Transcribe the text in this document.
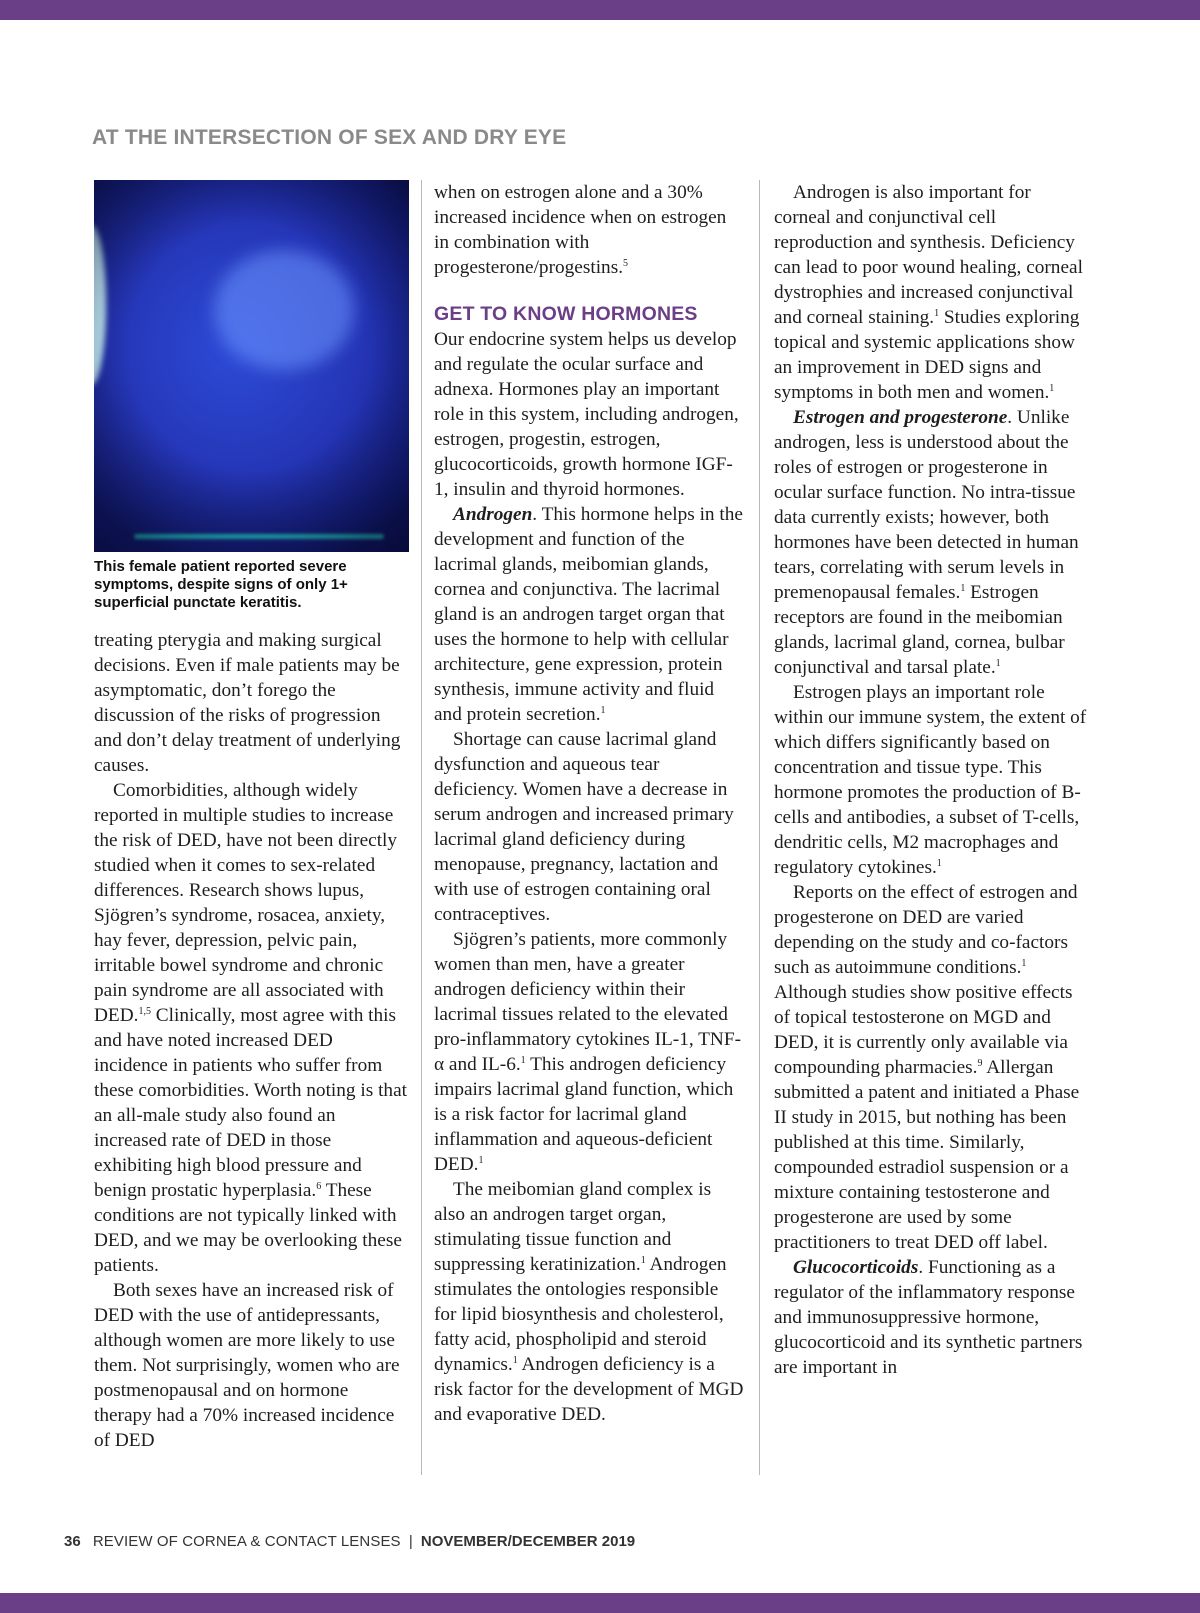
AT THE INTERSECTION OF SEX AND DRY EYE
This female patient reported severe symptoms, despite signs of only 1+ superficial punctate keratitis.

treating pterygia and making surgical decisions. Even if male patients may be asymptomatic, don’t forego the discussion of the risks of progression and don’t delay treatment of underlying causes.

Comorbidities, although widely reported in multiple studies to increase the risk of DED, have not been directly studied when it comes to sex-related differences. Research shows lupus, Sjögren’s syndrome, rosacea, anxiety, hay fever, depression, pelvic pain, irritable bowel syndrome and chronic pain syndrome are all associated with DED.$^{1,5}$ Clinically, most agree with this and have noted increased DED incidence in patients who suffer from these comorbidities. Worth noting is that an all-male study also found an increased rate of DED in those exhibiting high blood pressure and benign prostatic hyperplasia.$^6$ These conditions are not typically linked with DED, and we may be overlooking these patients.

Both sexes have an increased risk of DED with the use of antidepressants, although women are more likely to use them. Not surprisingly, women who are postmenopausal and on hormone therapy had a 70% increased incidence of DED

when on estrogen alone and a 30% increased incidence when on estrogen in combination with progesterone/progestins.$^5$

GET TO KNOW HORMONES

Our endocrine system helps us develop and regulate the ocular surface and adnexa. Hormones play an important role in this system, including androgen, estrogen, progestin, estrogen, glucocorticoids, growth hormone IGF-1, insulin and thyroid hormones.

Androgen. This hormone helps in the development and function of the lacrimal glands, meibomian glands, cornea and conjunctiva. The lacrimal gland is an androgen target organ that uses the hormone to help with cellular architecture, gene expression, protein synthesis, immune activity and fluid and protein secretion.$^1$

Shortage can cause lacrimal gland dysfunction and aqueous tear deficiency. Women have a decrease in serum androgen and increased primary lacrimal gland deficiency during menopause, pregnancy, lactation and with use of estrogen containing oral contraceptives.

Sjögren’s patients, more commonly women than men, have a greater androgen deficiency within their lacrimal tissues related to the elevated pro-inflammatory cytokines IL-1, TNF-α and IL-6.$^1$ This androgen deficiency impairs lacrimal gland function, which is a risk factor for lacrimal gland inflammation and aqueous-deficient DED.$^1$

The meibomian gland complex is also an androgen target organ, stimulating tissue function and suppressing keratinization.$^1$ Androgen stimulates the ontologies responsible for lipid biosynthesis and cholesterol, fatty acid, phospholipid and steroid dynamics.$^1$ Androgen deficiency is a risk factor for the development of MGD and evaporative DED.

Androgen is also important for corneal and conjunctival cell reproduction and synthesis. Deficiency can lead to poor wound healing, corneal dystrophies and increased conjunctival and corneal staining.$^1$ Studies exploring topical and systemic applications show an improvement in DED signs and symptoms in both men and women.$^1$

Estrogen and progesterone. Unlike androgen, less is understood about the roles of estrogen or progesterone in ocular surface function. No intra-tissue data currently exists; however, both hormones have been detected in human tears, correlating with serum levels in premenopausal females.$^1$ Estrogen receptors are found in the meibomian glands, lacrimal gland, cornea, bulbar conjunctival and tarsal plate.$^1$

Estrogen plays an important role within our immune system, the extent of which differs significantly based on concentration and tissue type. This hormone promotes the production of B-cells and antibodies, a subset of T-cells, dendritic cells, M2 macrophages and regulatory cytokines.$^1$

Reports on the effect of estrogen and progesterone on DED are varied depending on the study and co-factors such as autoimmune conditions.$^1$ Although studies show positive effects of topical testosterone on MGD and DED, it is currently only available via compounding pharmacies.$^9$ Allergan submitted a patent and initiated a Phase II study in 2015, but nothing has been published at this time. Similarly, compounded estradiol suspension or a mixture containing testosterone and progesterone are used by some practitioners to treat DED off label.

Glucocorticoids. Functioning as a regulator of the inflammatory response and immunosuppressive hormone, glucocorticoid and its synthetic partners are important in

36 REVIEW OF CORNEA & CONTACT LENSES | NOVEMBER/DECEMBER 2019
